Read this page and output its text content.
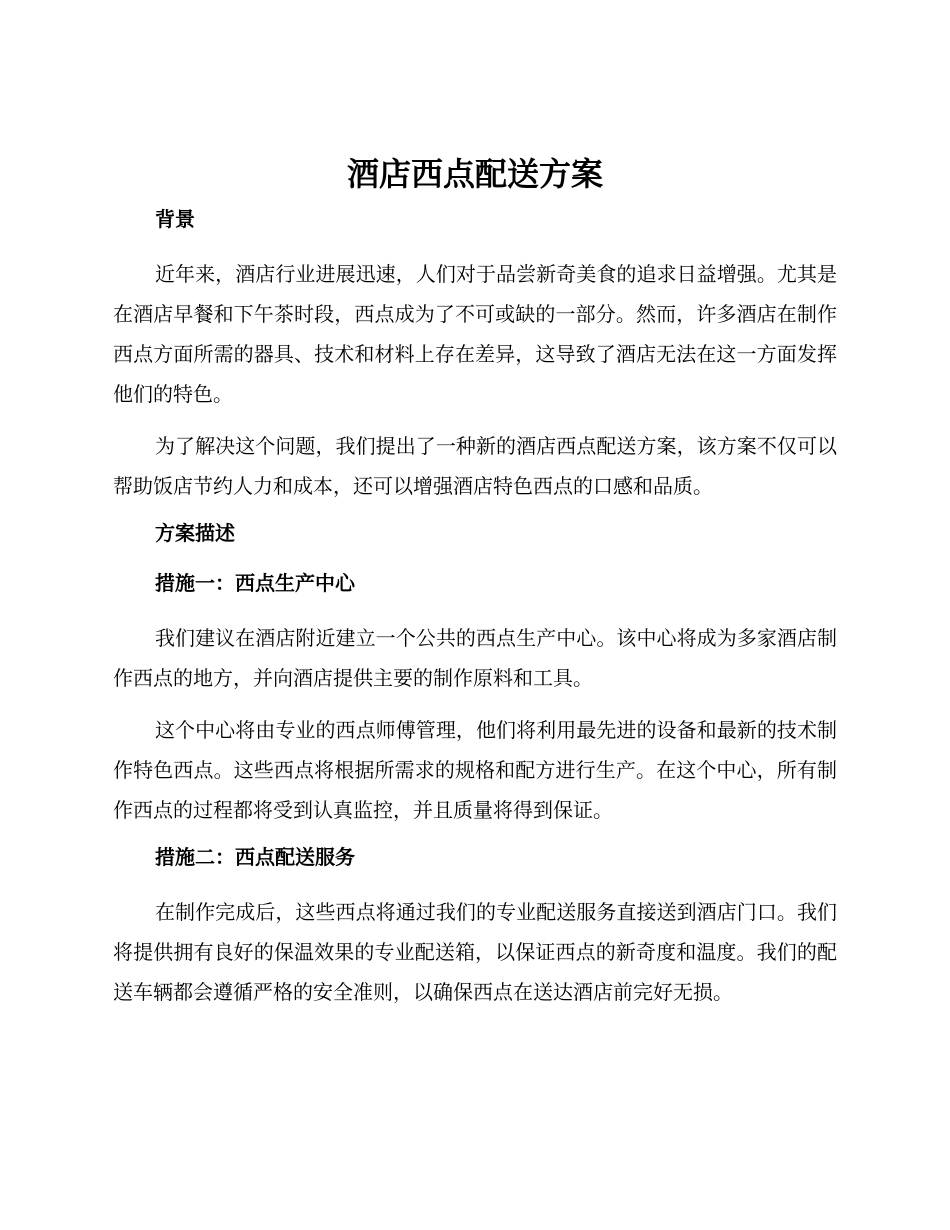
酒店西点配送方案
背景

近年来，酒店行业进展迅速，人们对于品尝新奇美食的追求日益增强。尤其是在酒店早餐和下午茶时段，西点成为了不可或缺的一部分。然而，许多酒店在制作西点方面所需的器具、技术和材料上存在差异，这导致了酒店无法在这一方面发挥他们的特色。

为了解决这个问题，我们提出了一种新的酒店西点配送方案，该方案不仅可以帮助饭店节约人力和成本，还可以增强酒店特色西点的口感和品质。

方案描述
措施一：西点生产中心

我们建议在酒店附近建立一个公共的西点生产中心。该中心将成为多家酒店制作西点的地方，并向酒店提供主要的制作原料和工具。

这个中心将由专业的西点师傅管理，他们将利用最先进的设备和最新的技术制作特色西点。这些西点将根据所需求的规格和配方进行生产。在这个中心，所有制作西点的过程都将受到认真监控，并且质量将得到保证。

措施二：西点配送服务

在制作完成后，这些西点将通过我们的专业配送服务直接送到酒店门口。我们将提供拥有良好的保温效果的专业配送箱，以保证西点的新奇度和温度。我们的配送车辆都会遵循严格的安全准则，以确保西点在送达酒店前完好无损。
